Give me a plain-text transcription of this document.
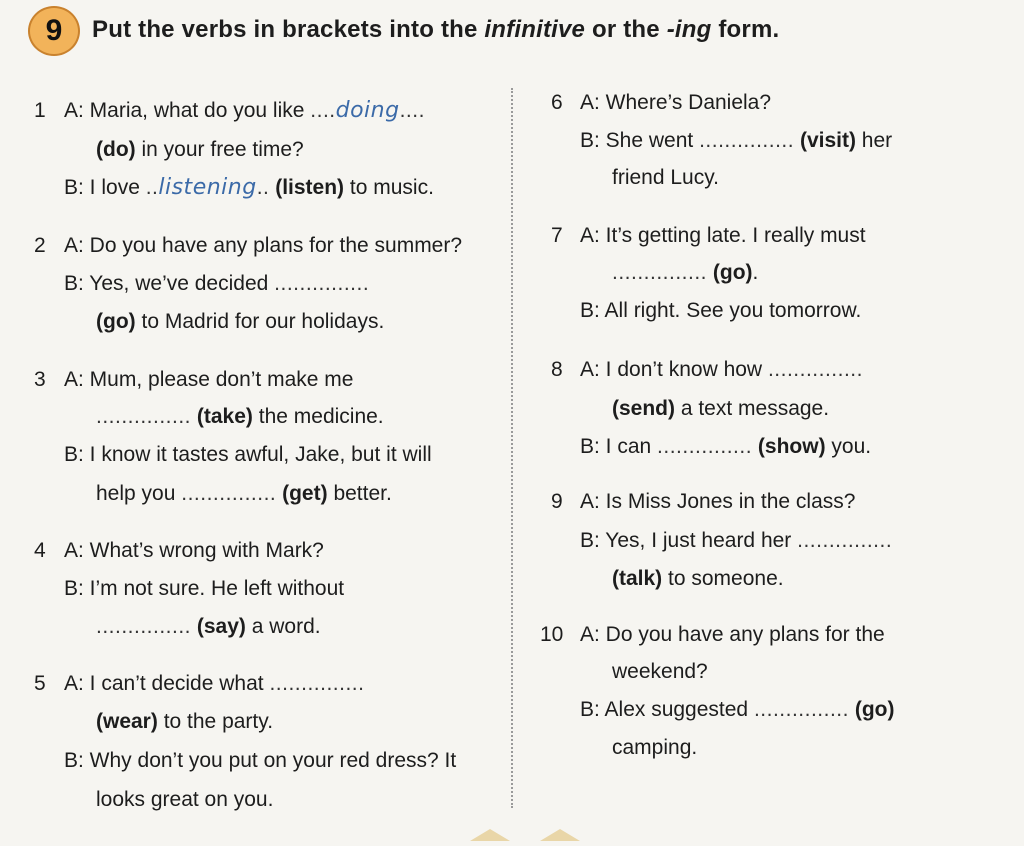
9 Put the verbs in brackets into the infinitive or the -ing form.
1 A: Maria, what do you like ....doing....
(do) in your free time?
B: I love ..listening.. (listen) to music.
2 A: Do you have any plans for the summer?
B: Yes, we’ve decided ...............
(go) to Madrid for our holidays.
3 A: Mum, please don’t make me
............... (take) the medicine.
B: I know it tastes awful, Jake, but it will
help you ............... (get) better.
4 A: What’s wrong with Mark?
B: I’m not sure. He left without
............... (say) a word.
5 A: I can’t decide what ...............
(wear) to the party.
B: Why don’t you put on your red dress? It
looks great on you.
6 A: Where’s Daniela?
B: She went ............... (visit) her
friend Lucy.
7 A: It’s getting late. I really must
............... (go).
B: All right. See you tomorrow.
8 A: I don’t know how ...............
(send) a text message.
B: I can ............... (show) you.
9 A: Is Miss Jones in the class?
B: Yes, I just heard her ...............
(talk) to someone.
10 A: Do you have any plans for the
weekend?
B: Alex suggested ............... (go)
camping.
